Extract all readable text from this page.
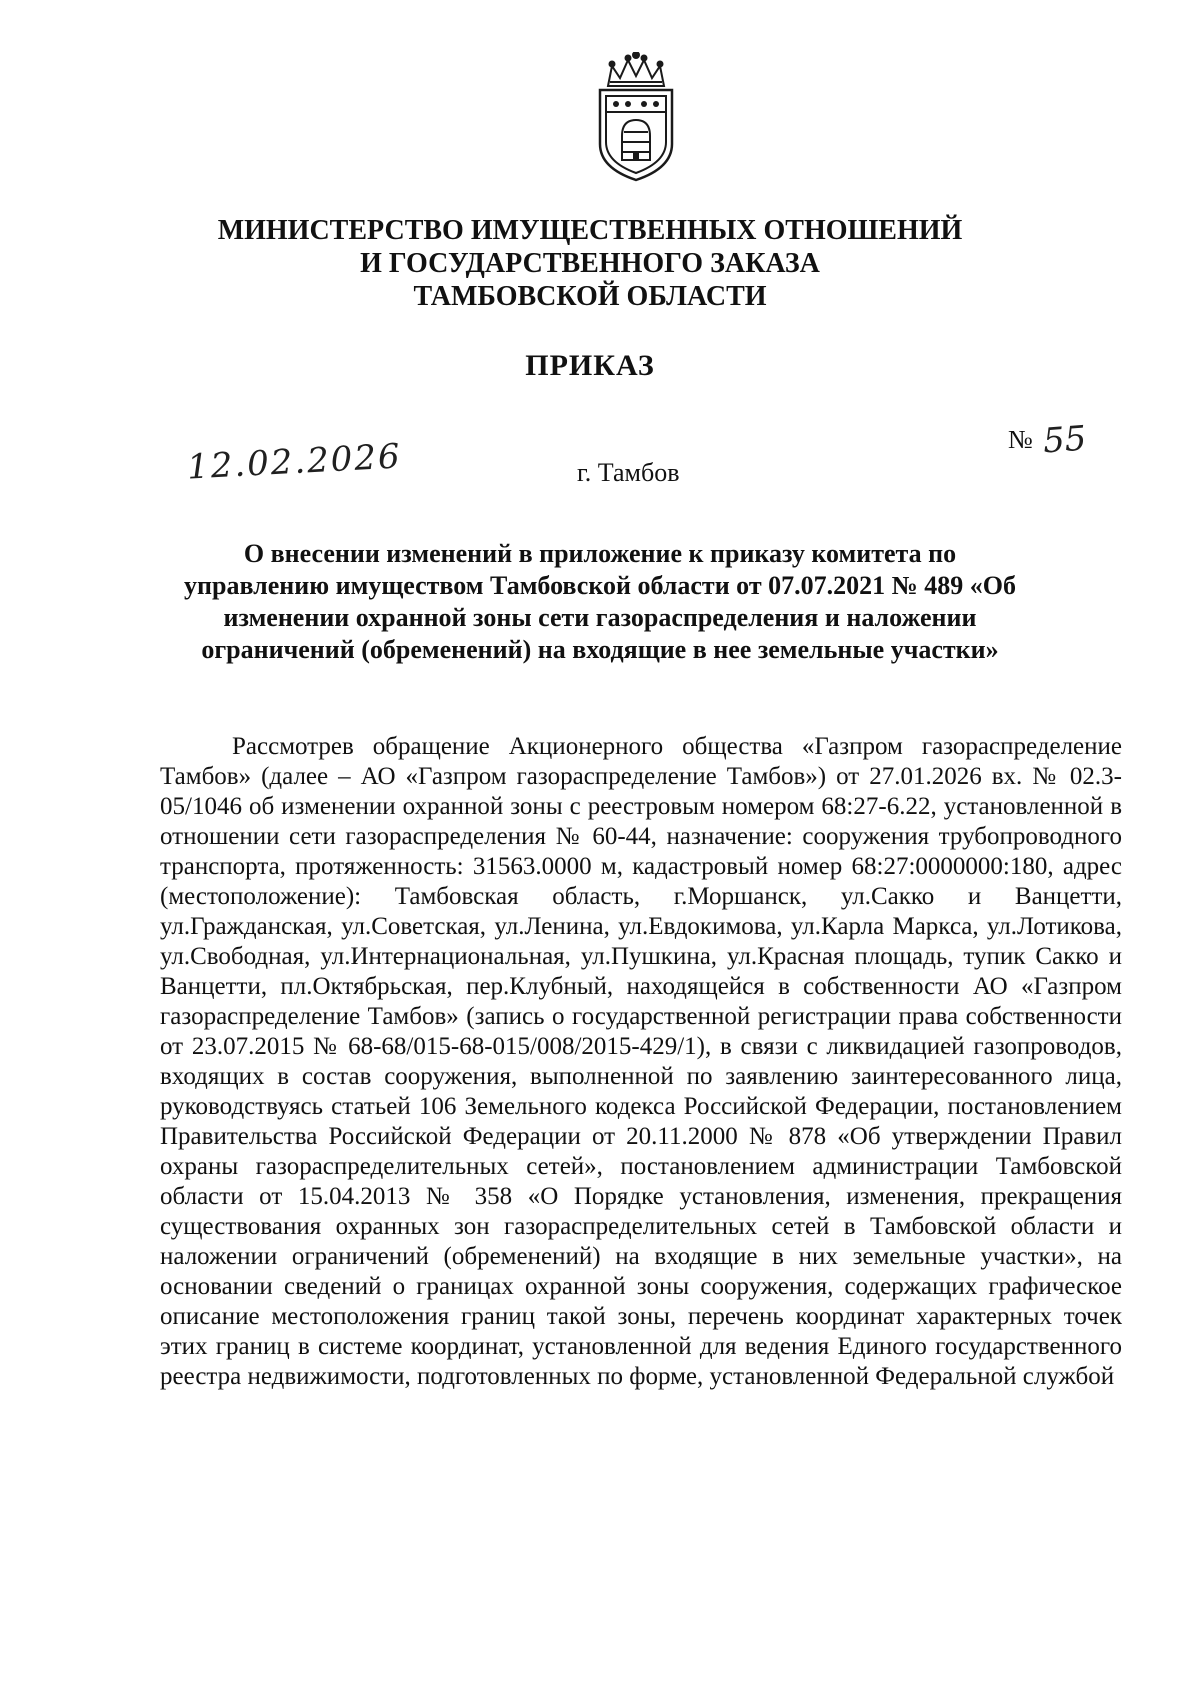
МИНИСТЕРСТВО ИМУЩЕСТВЕННЫХ ОТНОШЕНИЙ
И ГОСУДАРСТВЕННОГО ЗАКАЗА
ТАМБОВСКОЙ ОБЛАСТИ
ПРИКАЗ
12.02.2026	г. Тамбов
№ 55
О внесении изменений в приложение к приказу комитета по
управлению имуществом Тамбовской области от 07.07.2021 № 489 «Об
изменении охранной зоны сети газораспределения и наложении
ограничений (обременений) на входящие в нее земельные участки»

Рассмотрев обращение Акционерного общества «Газпром газораспределение Тамбов» (далее – АО «Газпром газораспределение Тамбов») от 27.01.2026 вх. № 02.3-05/1046 об изменении охранной зоны с реестровым номером 68:27-6.22, установленной в отношении сети газораспределения № 60-44, назначение: сооружения трубопроводного транспорта, протяженность: 31563.0000 м, кадастровый номер 68:27:0000000:180, адрес (местоположение): Тамбовская область, г.Моршанск, ул.Сакко и Ванцетти, ул.Гражданская, ул.Советская, ул.Ленина, ул.Евдокимова, ул.Карла Маркса, ул.Лотикова, ул.Свободная, ул.Интернациональная, ул.Пушкина, ул.Красная площадь, тупик Сакко и Ванцетти, пл.Октябрьская, пер.Клубный, находящейся в собственности АО «Газпром газораспределение Тамбов» (запись о государственной регистрации права собственности от 23.07.2015 № 68-68/015-68-015/008/2015-429/1), в связи с ликвидацией газопроводов, входящих в состав сооружения, выполненной по заявлению заинтересованного лица, руководствуясь статьей 106 Земельного кодекса Российской Федерации, постановлением Правительства Российской Федерации от 20.11.2000 № 878 «Об утверждении Правил охраны газораспределительных сетей», постановлением администрации Тамбовской области от 15.04.2013 № 358 «О Порядке установления, изменения, прекращения существования охранных зон газораспределительных сетей в Тамбовской области и наложении ограничений (обременений) на входящие в них земельные участки», на основании сведений о границах охранной зоны сооружения, содержащих графическое описание местоположения границ такой зоны, перечень координат характерных точек этих границ в системе координат, установленной для ведения Единого государственного реестра недвижимости, подготовленных по форме, установленной Федеральной службой
